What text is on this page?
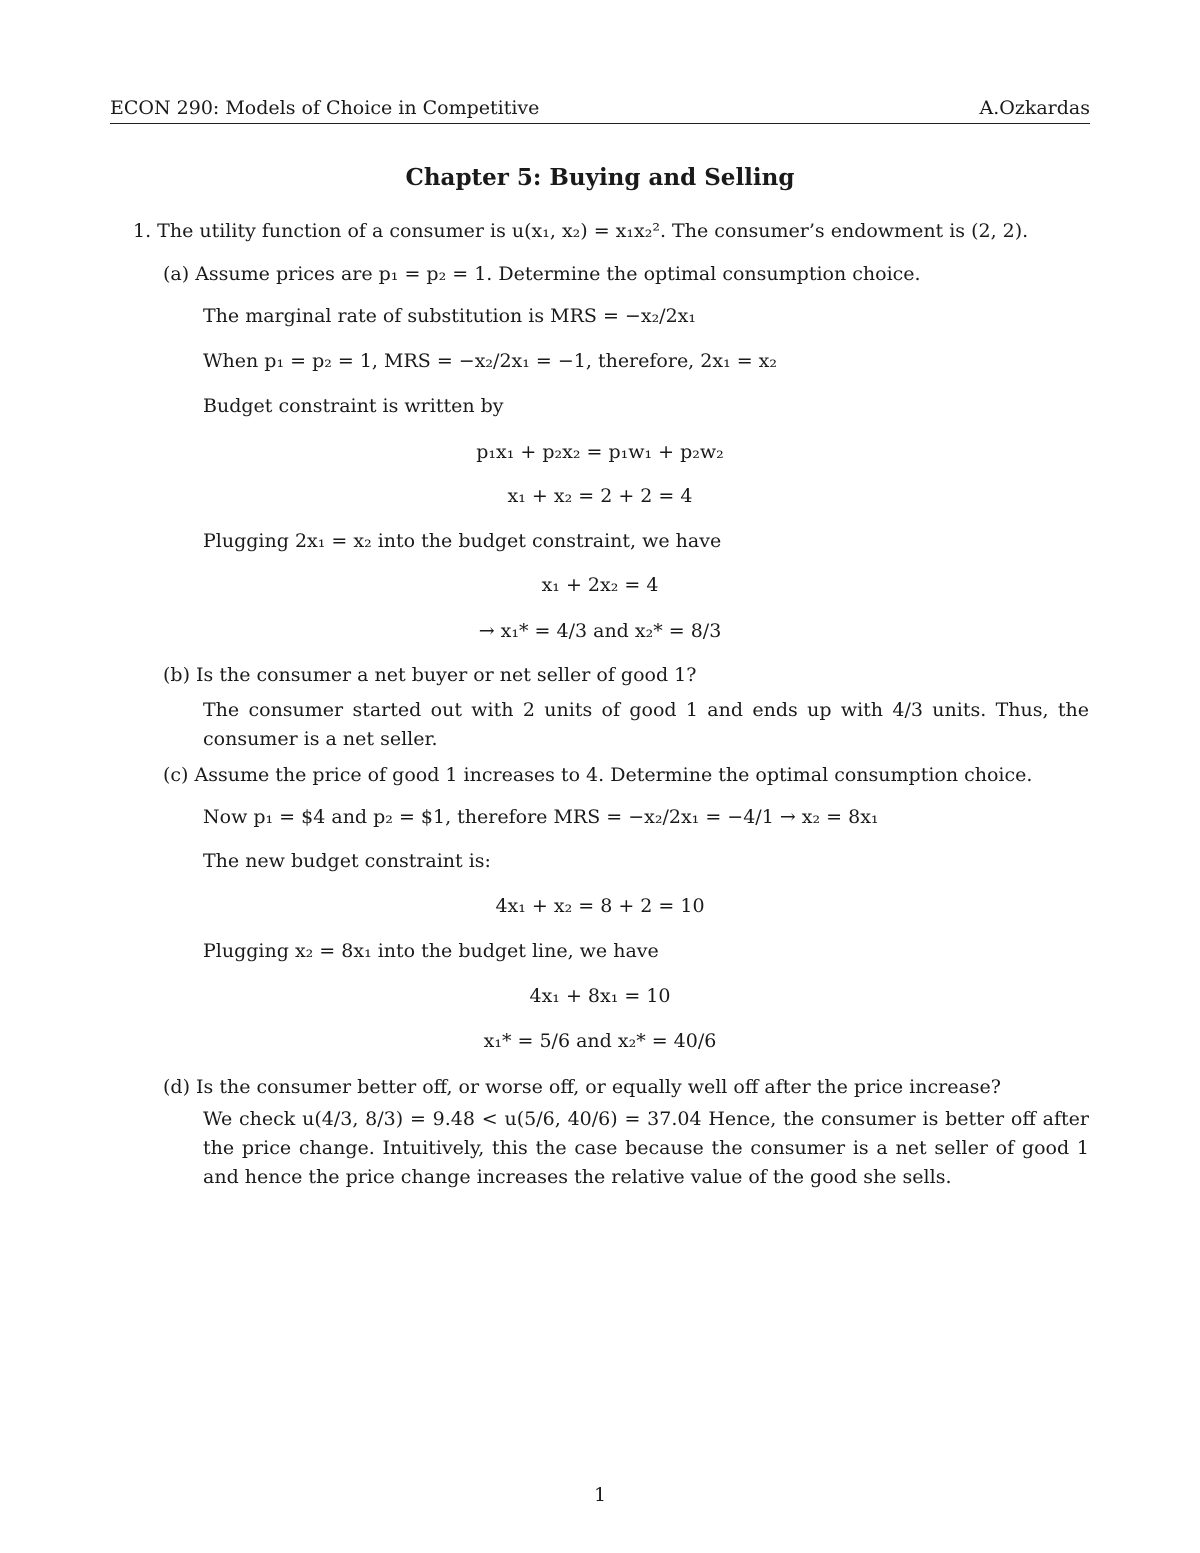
ECON 290: Models of Choice in Competitive	A.Ozkardas
Chapter 5: Buying and Selling
1. The utility function of a consumer is u(x₁, x₂) = x₁x₂². The consumer’s endowment is (2, 2).
(a) Assume prices are p₁ = p₂ = 1. Determine the optimal consumption choice.
The marginal rate of substitution is MRS = −x₂/2x₁
When p₁ = p₂ = 1, MRS = −x₂/2x₁ = −1, therefore, 2x₁ = x₂
Budget constraint is written by
p₁x₁ + p₂x₂ = p₁w₁ + p₂w₂
x₁ + x₂ = 2 + 2 = 4
Plugging 2x₁ = x₂ into the budget constraint, we have
x₁ + 2x₂ = 4
→ x₁* = 4/3 and x₂* = 8/3
(b) Is the consumer a net buyer or net seller of good 1?
The consumer started out with 2 units of good 1 and ends up with 4/3 units. Thus, the consumer is a net seller.
(c) Assume the price of good 1 increases to 4. Determine the optimal consumption choice.
Now p₁ = $4 and p₂ = $1, therefore MRS = −x₂/2x₁ = −4/1 → x₂ = 8x₁
The new budget constraint is:
4x₁ + x₂ = 8 + 2 = 10
Plugging x₂ = 8x₁ into the budget line, we have
4x₁ + 8x₁ = 10
x₁* = 5/6 and x₂* = 40/6
(d) Is the consumer better off, or worse off, or equally well off after the price increase?
We check u(4/3, 8/3) = 9.48 < u(5/6, 40/6) = 37.04 Hence, the consumer is better off after the price change. Intuitively, this the case because the consumer is a net seller of good 1 and hence the price change increases the relative value of the good she sells.
1
